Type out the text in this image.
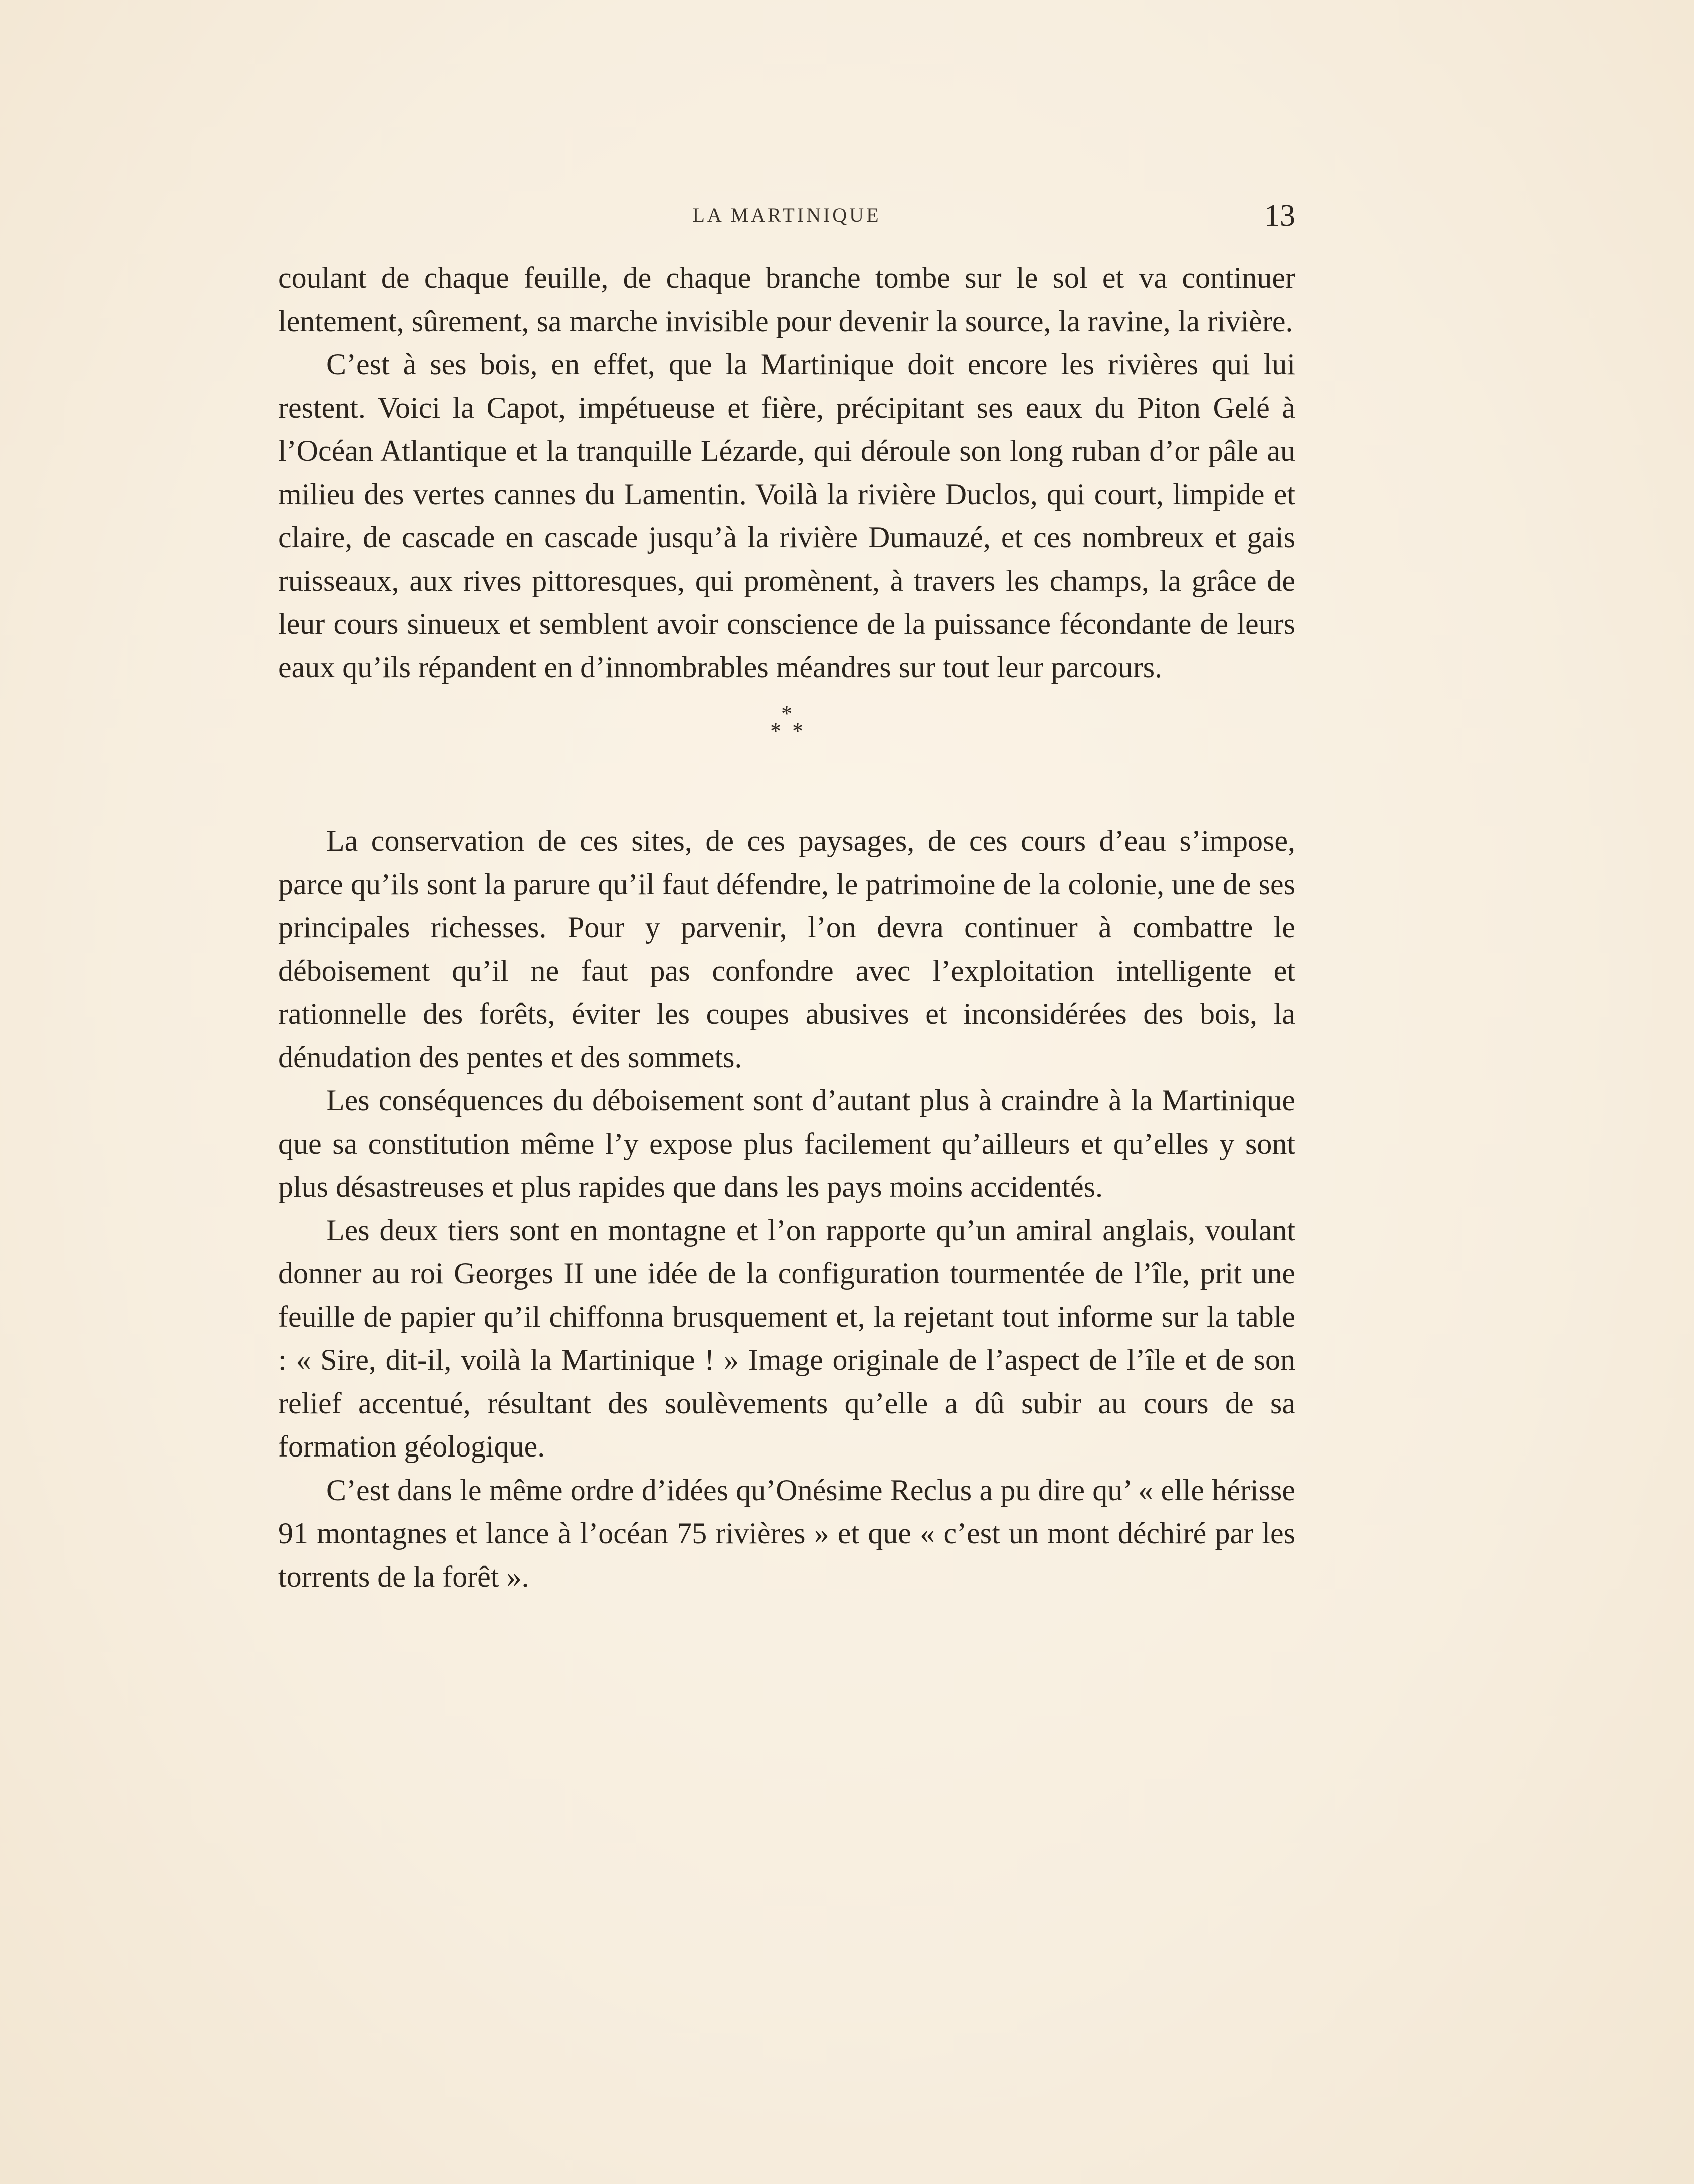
LA MARTINIQUE	13

coulant de chaque feuille, de chaque branche tombe sur le sol et va continuer lentement, sûrement, sa marche invisible pour devenir la source, la ravine, la rivière.

C’est à ses bois, en effet, que la Martinique doit encore les rivières qui lui restent. Voici la Capot, impétueuse et fière, précipitant ses eaux du Piton Gelé à l’Océan Atlantique et la tranquille Lézarde, qui déroule son long ruban d’or pâle au milieu des vertes cannes du Lamentin. Voilà la rivière Duclos, qui court, limpide et claire, de cascade en cascade jusqu’à la rivière Dumauzé, et ces nombreux et gais ruisseaux, aux rives pittoresques, qui promènent, à travers les champs, la grâce de leur cours sinueux et semblent avoir conscience de la puissance fécondante de leurs eaux qu’ils répandent en d’innombrables méandres sur tout leur parcours.

*
* *

La conservation de ces sites, de ces paysages, de ces cours d’eau s’impose, parce qu’ils sont la parure qu’il faut défendre, le patrimoine de la colonie, une de ses principales richesses. Pour y parvenir, l’on devra continuer à combattre le déboisement qu’il ne faut pas confondre avec l’exploitation intelligente et rationnelle des forêts, éviter les coupes abusives et inconsidérées des bois, la dénudation des pentes et des sommets.

Les conséquences du déboisement sont d’autant plus à craindre à la Martinique que sa constitution même l’y expose plus facilement qu’ailleurs et qu’elles y sont plus désastreuses et plus rapides que dans les pays moins accidentés.

Les deux tiers sont en montagne et l’on rapporte qu’un amiral anglais, voulant donner au roi Georges II une idée de la configuration tourmentée de l’île, prit une feuille de papier qu’il chiffonna brusquement et, la rejetant tout informe sur la table : « Sire, dit-il, voilà la Martinique ! » Image originale de l’aspect de l’île et de son relief accentué, résultant des soulèvements qu’elle a dû subir au cours de sa formation géologique.

C’est dans le même ordre d’idées qu’Onésime Reclus a pu dire qu’ « elle hérisse 91 montagnes et lance à l’océan 75 rivières » et que « c’est un mont déchiré par les torrents de la forêt ».
